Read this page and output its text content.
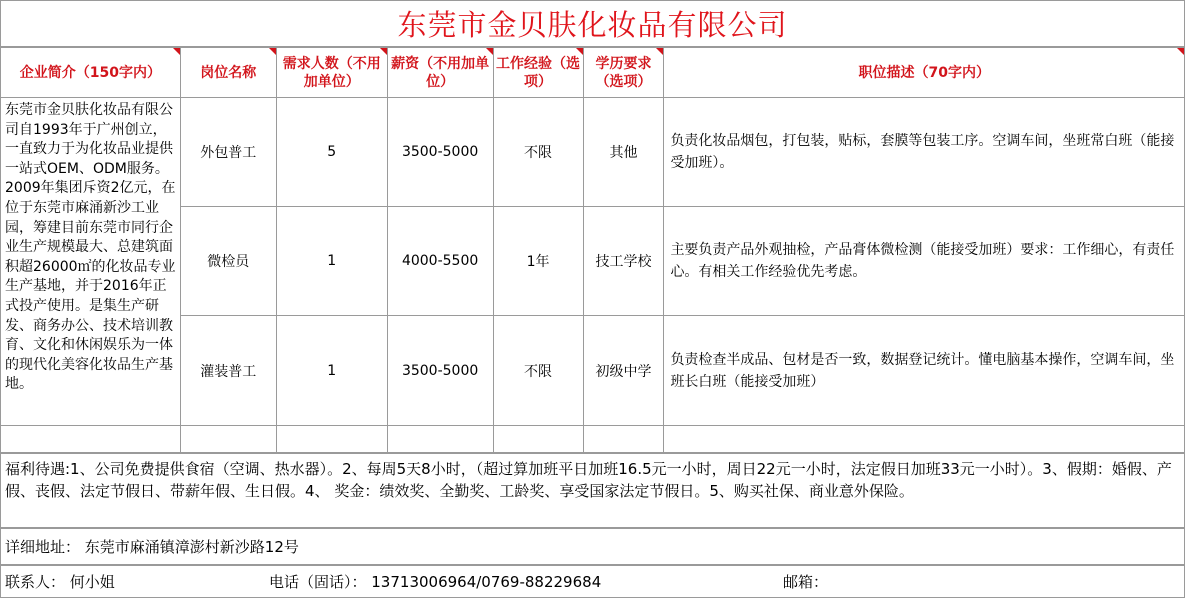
东莞市金贝肤化妆品有限公司
企业简介（150字内）	岗位名称	需求人数（不用加单位）	薪资（不用加单位）	工作经验（选项）	学历要求（选项）	职位描述（70字内）
东莞市金贝肤化妆品有限公司自1993年于广州创立，一直致力于为化妆品业提供一站式OEM、ODM服务。2009年集团斥资2亿元，在位于东莞市麻涌新沙工业园，筹建目前东莞市同行企业生产规模最大、总建筑面积超26000㎡的化妆品专业生产基地，并于2016年正式投产使用。是集生产研发、商务办公、技术培训教育、文化和休闲娱乐为一体的现代化美容化妆品生产基地。	外包普工	5	3500-5000	不限	其他	负责化妆品烟包，打包装，贴标，套膜等包装工序。空调车间，坐班常白班（能接受加班）。
	微检员	1	4000-5500	1年	技工学校	主要负责产品外观抽检，产品膏体微检测（能接受加班）要求：工作细心，有责任心。有相关工作经验优先考虑。
	灌装普工	1	3500-5000	不限	初级中学	负责检查半成品、包材是否一致，数据登记统计。懂电脑基本操作，空调车间，坐班长白班（能接受加班）

福利待遇:1、公司免费提供食宿（空调、热水器）。2、每周5天8小时，（超过算加班平日加班16.5元一小时，周日22元一小时，法定假日加班33元一小时）。3、假期：婚假、产假、丧假、法定节假日、带薪年假、生日假。4、 奖金：绩效奖、全勤奖、工龄奖、享受国家法定节假日。5、购买社保、商业意外保险。
详细地址： 东莞市麻涌镇漳澎村新沙路12号
联系人： 何小姐	电话（固话）： 13713006964/0769-88229684	邮箱：
